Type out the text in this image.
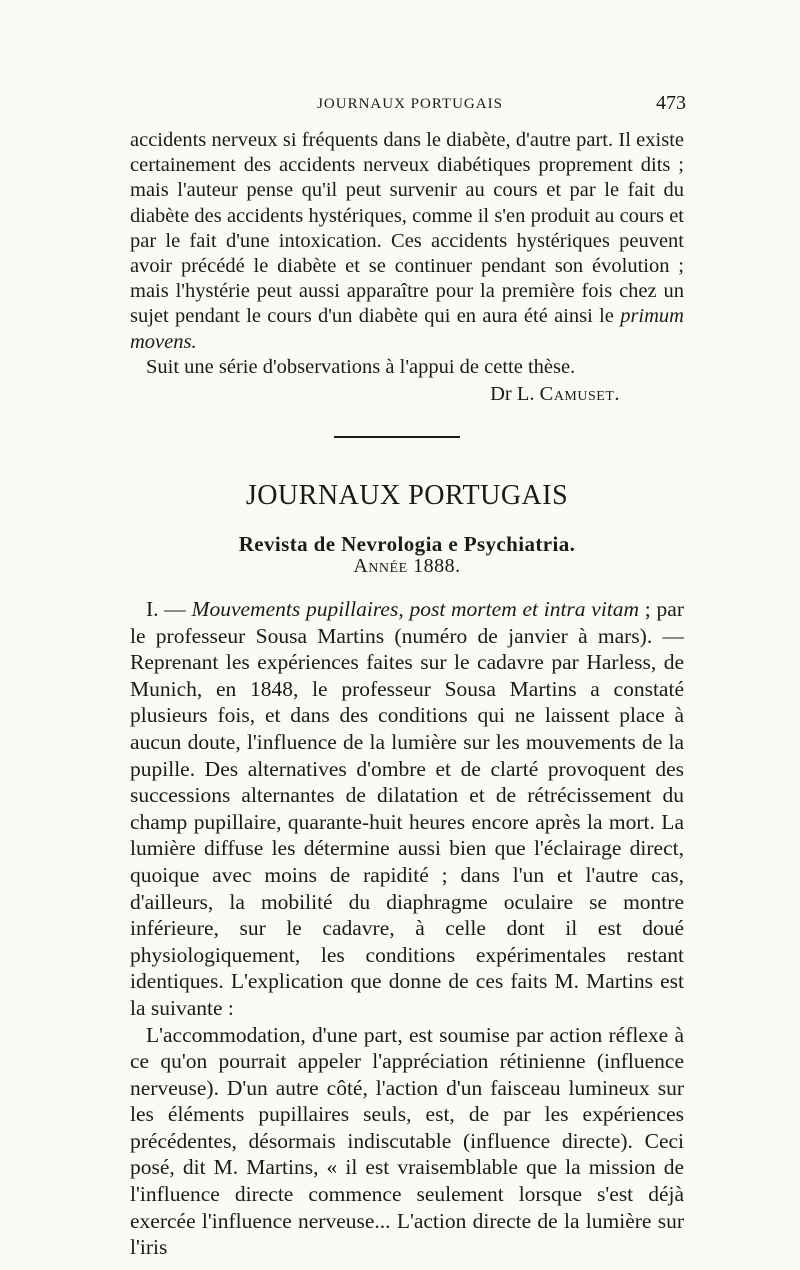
JOURNAUX PORTUGAIS	473

accidents nerveux si fréquents dans le diabète, d'autre part. Il existe certainement des accidents nerveux diabétiques proprement dits ; mais l'auteur pense qu'il peut survenir au cours et par le fait du diabète des accidents hystériques, comme il s'en produit au cours et par le fait d'une intoxication. Ces accidents hystériques peuvent avoir précédé le diabète et se continuer pendant son évolution ; mais l'hystérie peut aussi apparaître pour la première fois chez un sujet pendant le cours d'un diabète qui en aura été ainsi le primum movens.

Suit une série d'observations à l'appui de cette thèse.

Dr L. Camuset.
JOURNAUX PORTUGAIS
Revista de Nevrologia e Psychiatria.
Année 1888.

I. — Mouvements pupillaires, post mortem et intra vitam ; par le professeur Sousa Martins (numéro de janvier à mars). — Reprenant les expériences faites sur le cadavre par Harless, de Munich, en 1848, le professeur Sousa Martins a constaté plusieurs fois, et dans des conditions qui ne laissent place à aucun doute, l'influence de la lumière sur les mouvements de la pupille. Des alternatives d'ombre et de clarté provoquent des successions alternantes de dilatation et de rétrécissement du champ pupillaire, quarante-huit heures encore après la mort. La lumière diffuse les détermine aussi bien que l'éclairage direct, quoique avec moins de rapidité ; dans l'un et l'autre cas, d'ailleurs, la mobilité du diaphragme oculaire se montre inférieure, sur le cadavre, à celle dont il est doué physiologiquement, les conditions expérimentales restant identiques. L'explication que donne de ces faits M. Martins est la suivante :

L'accommodation, d'une part, est soumise par action réflexe à ce qu'on pourrait appeler l'appréciation rétinienne (influence nerveuse). D'un autre côté, l'action d'un faisceau lumineux sur les éléments pupillaires seuls, est, de par les expériences précédentes, désormais indiscutable (influence directe). Ceci posé, dit M. Martins, « il est vraisemblable que la mission de l'influence directe commence seulement lorsque s'est déjà exercée l'influence nerveuse... L'action directe de la lumière sur l'iris
